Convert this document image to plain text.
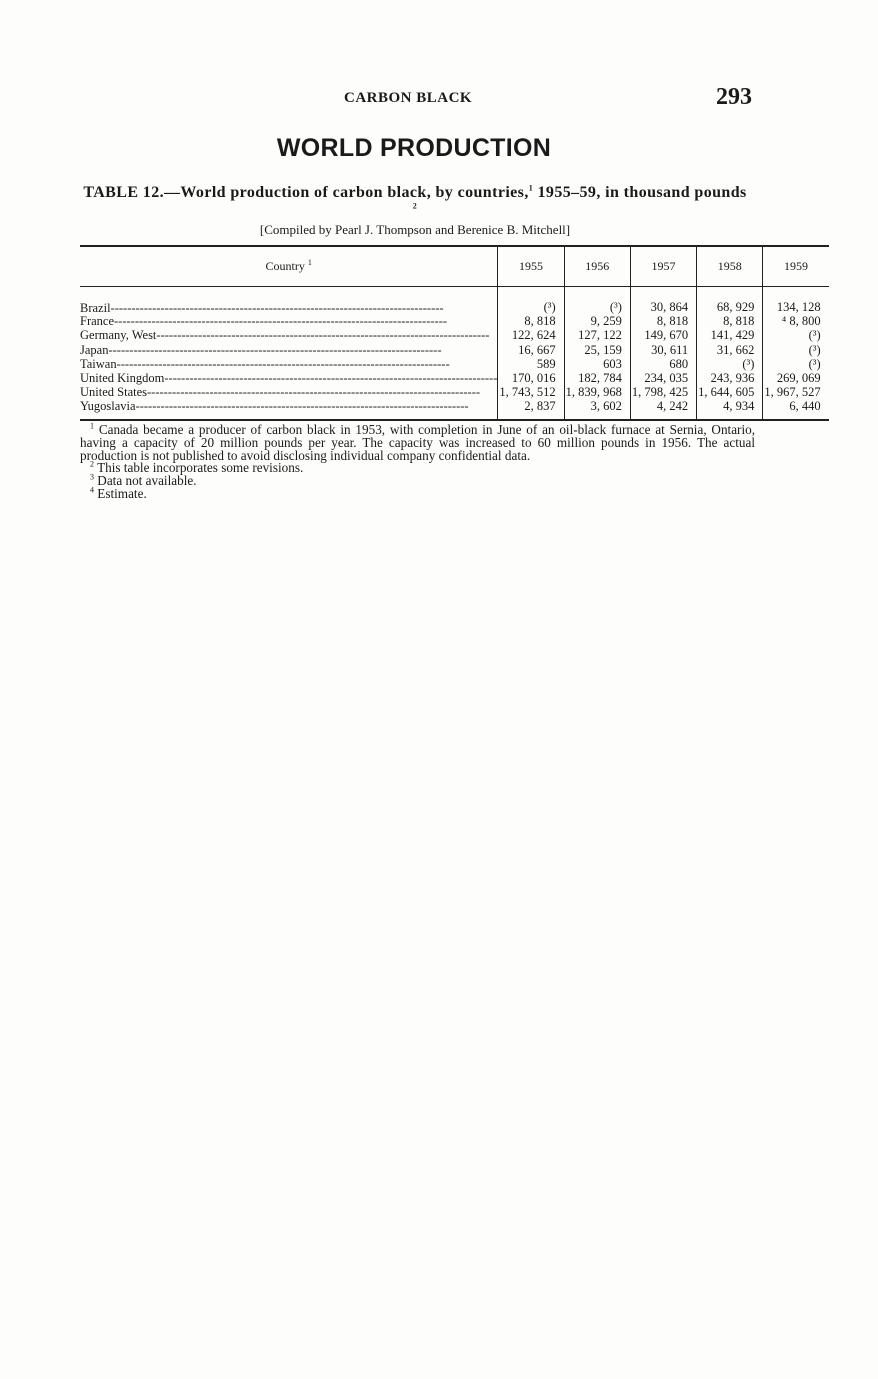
CARBON BLACK	293
WORLD PRODUCTION
TABLE 12.—World production of carbon black, by countries,$^1$ 1955–59, in thousand pounds $^2$
[Compiled by Pearl J. Thompson and Berenice B. Mitchell]
Country $^1$	1955	1956	1957	1958	1959
Brazil--------------------------------------------------------------------------------	(³)	(³)	30, 864	68, 929	134, 128
France--------------------------------------------------------------------------------	8, 818	9, 259	8, 818	8, 818	⁴ 8, 800
Germany, West--------------------------------------------------------------------------------	122, 624	127, 122	149, 670	141, 429	(³)
Japan--------------------------------------------------------------------------------	16, 667	25, 159	30, 611	31, 662	(³)
Taiwan--------------------------------------------------------------------------------	589	603	680	(³)	(³)
United Kingdom--------------------------------------------------------------------------------	170, 016	182, 784	234, 035	243, 936	269, 069
United States--------------------------------------------------------------------------------	1, 743, 512	1, 839, 968	1, 798, 425	1, 644, 605	1, 967, 527
Yugoslavia--------------------------------------------------------------------------------	2, 837	3, 602	4, 242	4, 934	6, 440

$^1$ Canada became a producer of carbon black in 1953, with completion in June of an oil-black furnace at Sernia, Ontario, having a capacity of 20 million pounds per year. The capacity was increased to 60 million pounds in 1956. The actual production is not published to avoid disclosing individual company confidential data.

$^2$ This table incorporates some revisions.

$^3$ Data not available.

$^4$ Estimate.
